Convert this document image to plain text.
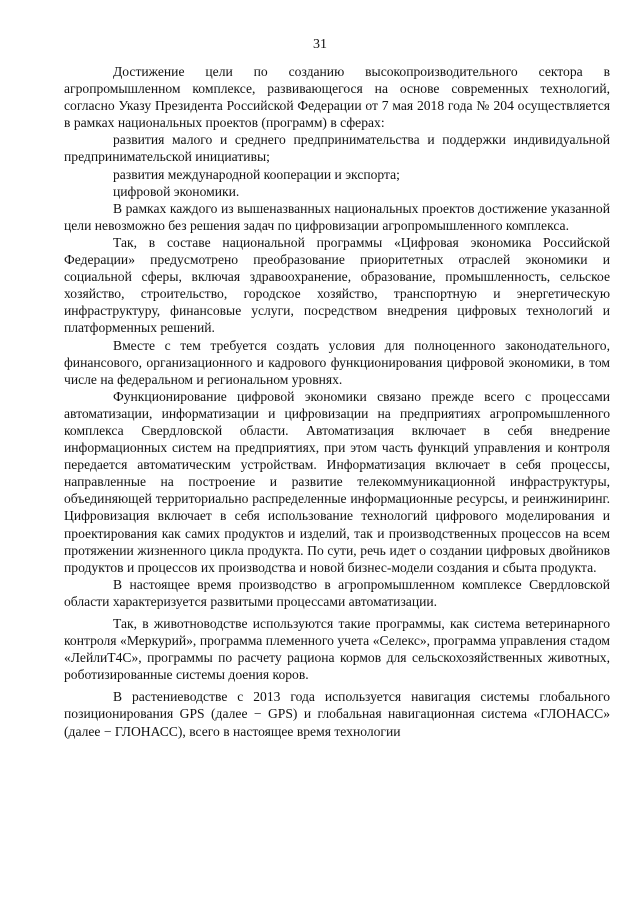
31

Достижение цели по созданию высокопроизводительного сектора в агропромышленном комплексе, развивающегося на основе современных технологий, согласно Указу Президента Российской Федерации от 7 мая 2018 года № 204 осуществляется в рамках национальных проектов (программ) в сферах:

развития малого и среднего предпринимательства и поддержки индивидуальной предпринимательской инициативы;

развития международной кооперации и экспорта;

цифровой экономики.

В рамках каждого из вышеназванных национальных проектов достижение указанной цели невозможно без решения задач по цифровизации агропромышленного комплекса.

Так, в составе национальной программы «Цифровая экономика Российской Федерации» предусмотрено преобразование приоритетных отраслей экономики и социальной сферы, включая здравоохранение, образование, промышленность, сельское хозяйство, строительство, городское хозяйство, транспортную и энергетическую инфраструктуру, финансовые услуги, посредством внедрения цифровых технологий и платформенных решений.

Вместе с тем требуется создать условия для полноценного законодательного, финансового, организационного и кадрового функционирования цифровой экономики, в том числе на федеральном и региональном уровнях.

Функционирование цифровой экономики связано прежде всего с процессами автоматизации, информатизации и цифровизации на предприятиях агропромышленного комплекса Свердловской области. Автоматизация включает в себя внедрение информационных систем на предприятиях, при этом часть функций управления и контроля передается автоматическим устройствам. Информатизация включает в себя процессы, направленные на построение и развитие телекоммуникационной инфраструктуры, объединяющей территориально распределенные информационные ресурсы, и реинжиниринг. Цифровизация включает в себя использование технологий цифрового моделирования и проектирования как самих продуктов и изделий, так и производственных процессов на всем протяжении жизненного цикла продукта. По сути, речь идет о создании цифровых двойников продуктов и процессов их производства и новой бизнес-модели создания и сбыта продукта.

В настоящее время производство в агропромышленном комплексе Свердловской области характеризуется развитыми процессами автоматизации.

Так, в животноводстве используются такие программы, как система ветеринарного контроля «Меркурий», программа племенного учета «Селекс», программа управления стадом «ЛейлиТ4С», программы по расчету рациона кормов для сельскохозяйственных животных, роботизированные системы доения коров.

В растениеводстве с 2013 года используется навигация системы глобального позиционирования GPS (далее − GPS) и глобальная навигационная система «ГЛОНАСС» (далее − ГЛОНАСС), всего в настоящее время технологии
